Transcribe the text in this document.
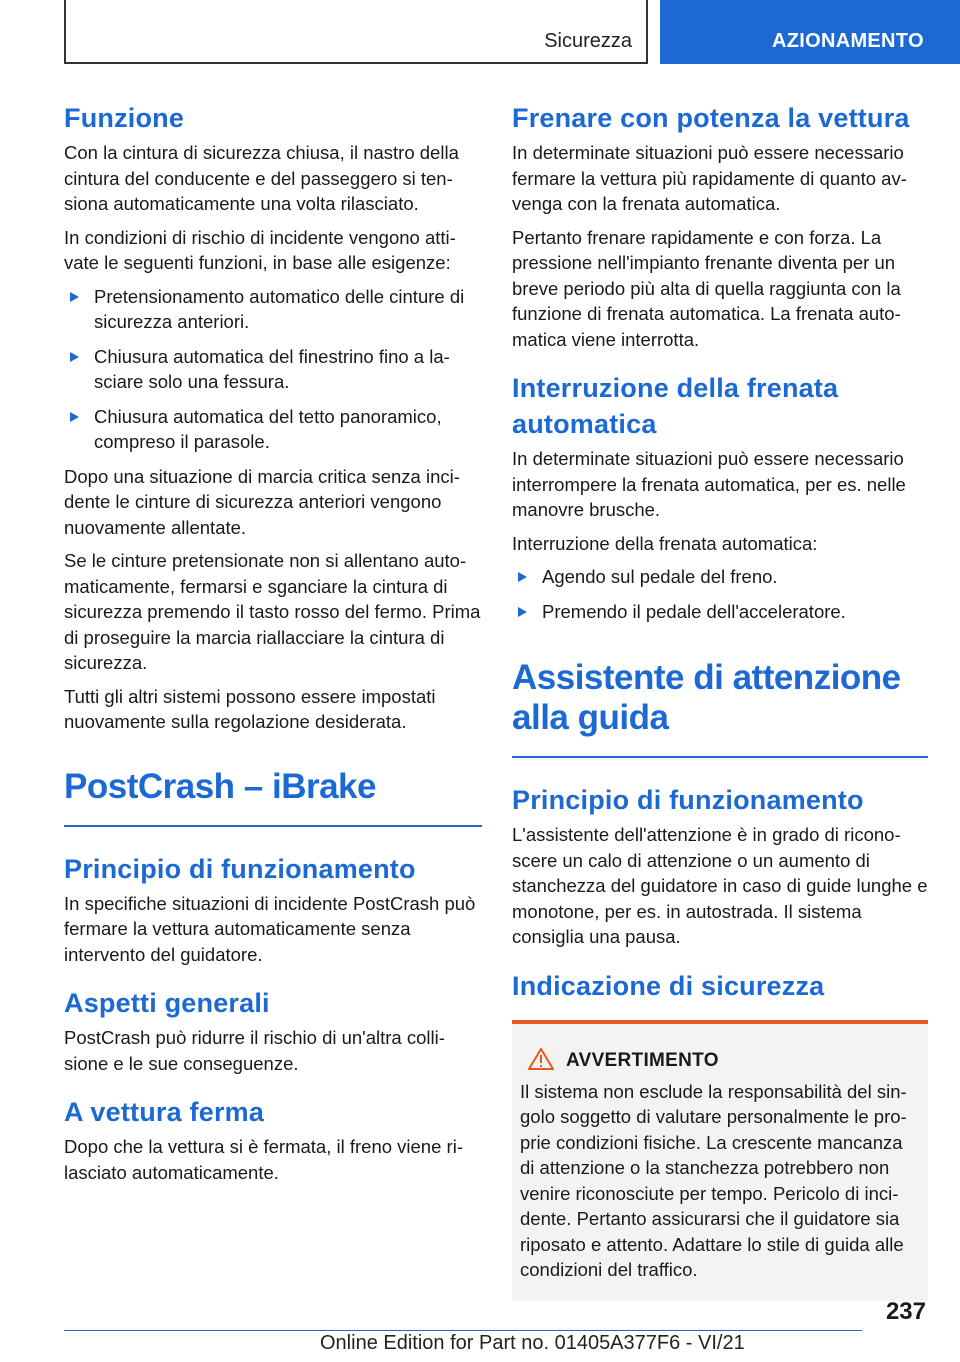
Sicurezza	AZIONAMENTO
Funzione

Con la cintura di sicurezza chiusa, il nastro della cintura del conducente e del passeggero si tensiona automaticamente una volta rilasciato.

In condizioni di rischio di incidente vengono attivate le seguenti funzioni, in base alle esigenze:

Pretensionamento automatico delle cinture di sicurezza anteriori.
Chiusura automatica del finestrino fino a lasciare solo una fessura.
Chiusura automatica del tetto panoramico, compreso il parasole.

Dopo una situazione di marcia critica senza incidente le cinture di sicurezza anteriori vengono nuovamente allentate.

Se le cinture pretensionate non si allentano automaticamente, fermarsi e sganciare la cintura di sicurezza premendo il tasto rosso del fermo. Prima di proseguire la marcia riallacciare la cintura di sicurezza.

Tutti gli altri sistemi possono essere impostati nuovamente sulla regolazione desiderata.

PostCrash – iBrake
Principio di funzionamento

In specifiche situazioni di incidente PostCrash può fermare la vettura automaticamente senza intervento del guidatore.

Aspetti generali

PostCrash può ridurre il rischio di un'altra collisione e le sue conseguenze.

A vettura ferma

Dopo che la vettura si è fermata, il freno viene rilasciato automaticamente.

Frenare con potenza la vettura

In determinate situazioni può essere necessario fermare la vettura più rapidamente di quanto avvenga con la frenata automatica.

Pertanto frenare rapidamente e con forza. La pressione nell'impianto frenante diventa per un breve periodo più alta di quella raggiunta con la funzione di frenata automatica. La frenata automatica viene interrotta.

Interruzione della frenata automatica

In determinate situazioni può essere necessario interrompere la frenata automatica, per es. nelle manovre brusche.

Interruzione della frenata automatica:

Agendo sul pedale del freno.
Premendo il pedale dell'acceleratore.
Assistente di attenzione alla guida
Principio di funzionamento

L'assistente dell'attenzione è in grado di riconoscere un calo di attenzione o un aumento di stanchezza del guidatore in caso di guide lunghe e monotone, per es. in autostrada. Il sistema consiglia una pausa.

Indicazione di sicurezza
AVVERTIMENTO

Il sistema non esclude la responsabilità del singolo soggetto di valutare personalmente le proprie condizioni fisiche. La crescente mancanza di attenzione o la stanchezza potrebbero non venire riconosciute per tempo. Pericolo di incidente. Pertanto assicurarsi che il guidatore sia riposato e attento. Adattare lo stile di guida alle condizioni del traffico.

237
Online Edition for Part no. 01405A377F6 - VI/21
